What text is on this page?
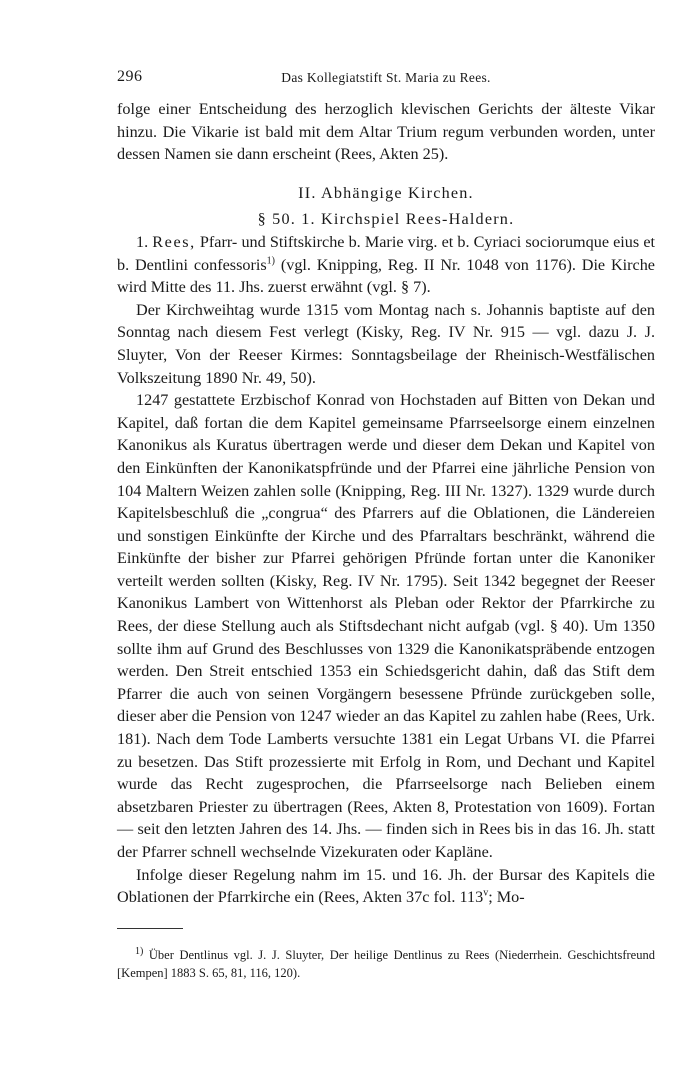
296	Das Kollegiatstift St. Maria zu Rees.

folge einer Entscheidung des herzoglich klevischen Gerichts der älteste Vikar hinzu. Die Vikarie ist bald mit dem Altar Trium regum verbunden worden, unter dessen Namen sie dann erscheint (Rees, Akten 25).

II. Abhängige Kirchen.

§ 50. 1. Kirchspiel Rees-Haldern.

1. Rees, Pfarr- und Stiftskirche b. Marie virg. et b. Cyriaci sociorumque eius et b. Dentlini confessoris$^{1)}$ (vgl. Knipping, Reg. II Nr. 1048 von 1176). Die Kirche wird Mitte des 11. Jhs. zuerst erwähnt (vgl. § 7).

Der Kirchweihtag wurde 1315 vom Montag nach s. Johannis baptiste auf den Sonntag nach diesem Fest verlegt (Kisky, Reg. IV Nr. 915 — vgl. dazu J. J. Sluyter, Von der Reeser Kirmes: Sonntagsbeilage der Rheinisch-Westfälischen Volkszeitung 1890 Nr. 49, 50).

1247 gestattete Erzbischof Konrad von Hochstaden auf Bitten von Dekan und Kapitel, daß fortan die dem Kapitel gemeinsame Pfarrseelsorge einem einzelnen Kanonikus als Kuratus übertragen werde und dieser dem Dekan und Kapitel von den Einkünften der Kanonikatspfründe und der Pfarrei eine jährliche Pension von 104 Maltern Weizen zahlen solle (Knipping, Reg. III Nr. 1327). 1329 wurde durch Kapitelsbeschluß die „congrua“ des Pfarrers auf die Oblationen, die Ländereien und sonstigen Einkünfte der Kirche und des Pfarraltars beschränkt, während die Einkünfte der bisher zur Pfarrei gehörigen Pfründe fortan unter die Kanoniker verteilt werden sollten (Kisky, Reg. IV Nr. 1795). Seit 1342 begegnet der Reeser Kanonikus Lambert von Wittenhorst als Pleban oder Rektor der Pfarrkirche zu Rees, der diese Stellung auch als Stiftsdechant nicht aufgab (vgl. § 40). Um 1350 sollte ihm auf Grund des Beschlusses von 1329 die Kanonikatspräbende entzogen werden. Den Streit entschied 1353 ein Schiedsgericht dahin, daß das Stift dem Pfarrer die auch von seinen Vorgängern besessene Pfründe zurückgeben solle, dieser aber die Pension von 1247 wieder an das Kapitel zu zahlen habe (Rees, Urk. 181). Nach dem Tode Lamberts versuchte 1381 ein Legat Urbans VI. die Pfarrei zu besetzen. Das Stift prozessierte mit Erfolg in Rom, und Dechant und Kapitel wurde das Recht zugesprochen, die Pfarrseelsorge nach Belieben einem absetzbaren Priester zu übertragen (Rees, Akten 8, Protestation von 1609). Fortan — seit den letzten Jahren des 14. Jhs. — finden sich in Rees bis in das 16. Jh. statt der Pfarrer schnell wechselnde Vizekuraten oder Kapläne.

Infolge dieser Regelung nahm im 15. und 16. Jh. der Bursar des Kapitels die Oblationen der Pfarrkirche ein (Rees, Akten 37c fol. 113$^v$; Mo-

$^{1)}$ Über Dentlinus vgl. J. J. Sluyter, Der heilige Dentlinus zu Rees (Niederrhein. Geschichtsfreund [Kempen] 1883 S. 65, 81, 116, 120).
